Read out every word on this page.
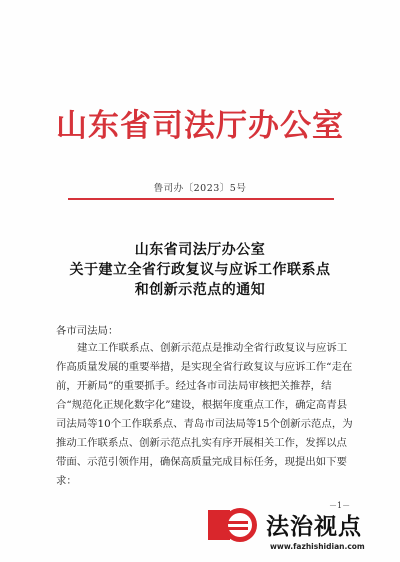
山东省司法厅办公室
鲁司办〔2023〕5号
山东省司法厅办公室
关于建立全省行政复议与应诉工作联系点
和创新示范点的通知
各市司法局：
建立工作联系点、创新示范点是推动全省行政复议与应诉工作高质量发展的重要举措，是实现全省行政复议与应诉工作“走在前，开新局”的重要抓手。经过各市司法局审核把关推荐，结合“规范化正规化数字化”建设，根据年度重点工作，确定高青县司法局等10个工作联系点、青岛市司法局等15个创新示范点，为推动工作联系点、创新示范点扎实有序开展相关工作，发挥以点带面、示范引领作用，确保高质量完成目标任务，现提出如下要求：
－1－
法治视点
www.fazhishidian.com
